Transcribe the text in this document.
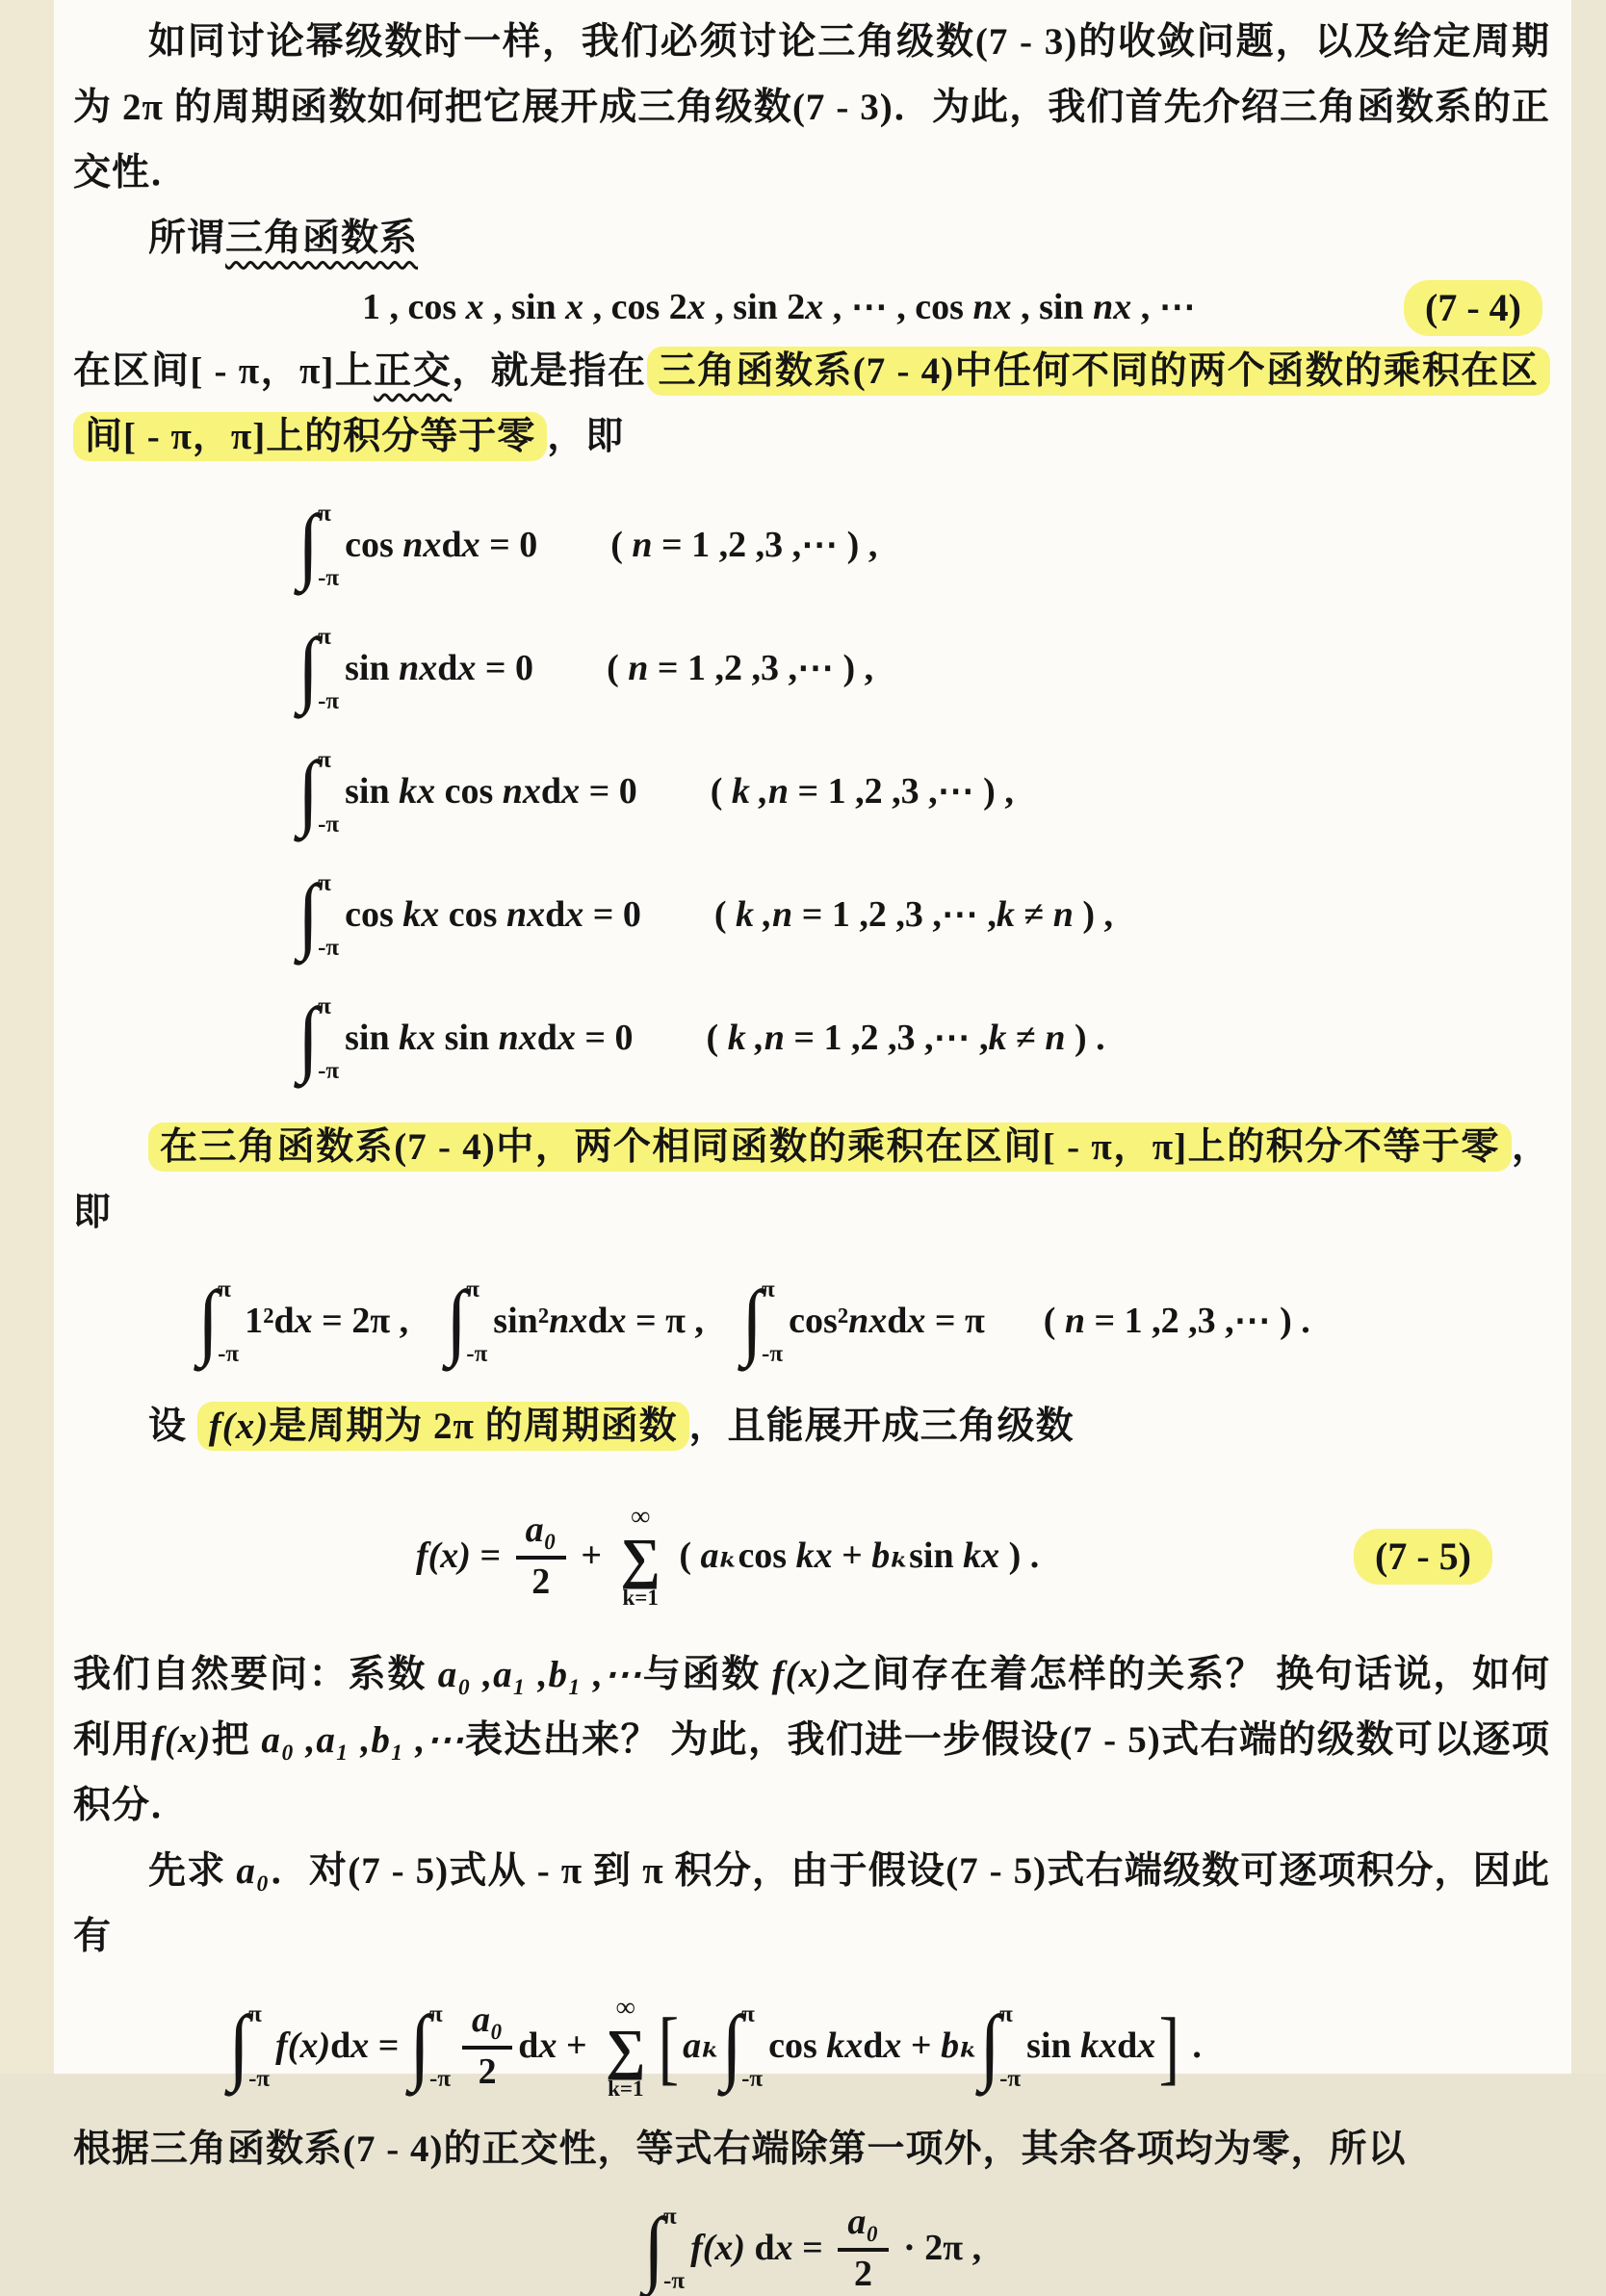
如同讨论幂级数时一样，我们必须讨论三角级数(7 - 3)的收敛问题，以及给定周期为 2π 的周期函数如何把它展开成三角级数(7 - 3)．为此，我们首先介绍三角函数系的正交性．

所谓三角函数系

(7 - 4)
1 , cos x , sin x , cos 2 x , sin 2 x , ⋯ , cos nx , sin nx , ⋯

在区间[ - π，π]上正交，就是指在 三角函数系(7 - 4)中任何不同的两个函数的乘积在区间[ - π，π]上的积分等于零 ，即

∫ π
-π
cos nx d x = 0 ( n = 1 ,2 ,3 ,⋯ ) ,
∫ π
-π
sin nx d x = 0 ( n = 1 ,2 ,3 ,⋯ ) ,
∫ π
-π
sin kx cos nx d x = 0 ( k ,n = 1 ,2 ,3 ,⋯ ) ,
∫ π
-π
cos kx cos nx d x = 0 ( k ,n = 1 ,2 ,3 ,⋯ , k ≠ n ) ,
∫ π
-π
sin kx sin nx d x = 0 ( k ,n = 1 ,2 ,3 ,⋯ , k ≠ n ) .

在三角函数系(7 - 4)中，两个相同函数的乘积在区间[ - π，π]上的积分不等于零 ，即

∫ π
-π
1²d x = 2π , ∫ π
-π
sin² nx d x = π , ∫ π
-π
cos² nx d x = π ( n = 1 ,2 ,3 ,⋯ ) .

设 f(x)是周期为 2π 的周期函数 ，且能展开成三角级数

(7 - 5)
$f(x) = \frac{\text{a₀}}{2}$ +
∞
∑
k=1
( aₖ cos kx + bₖ sin kx ) .

我们自然要问：系数 a₀ ,a₁ ,b₁ ,⋯与函数 f(x)之间存在着怎样的关系？ 换句话说，如何利用f(x)把 a₀ ,a₁ ,b₁ ,⋯表达出来？ 为此，我们进一步假设(7 - 5)式右端的级数可以逐项积分．

先求 a₀．对(7 - 5)式从 - π 到 π 积分，由于假设(7 - 5)式右端级数可逐项积分，因此有

∫ π
-π
f(x) d x = ∫ π
$-\pi \frac{\text{a₀}}{2}$ d x +
∞
∑
k=1 [ aₖ ∫ π
-π
cos kx d x + bₖ ∫ π
-π
sin kx d x ] .

根据三角函数系(7 - 4)的正交性，等式右端除第一项外，其余各项均为零，所以

∫ π
-π
f(x) d $x = \frac{\text{a₀}}{2} \cdot 2\pi$ ,
